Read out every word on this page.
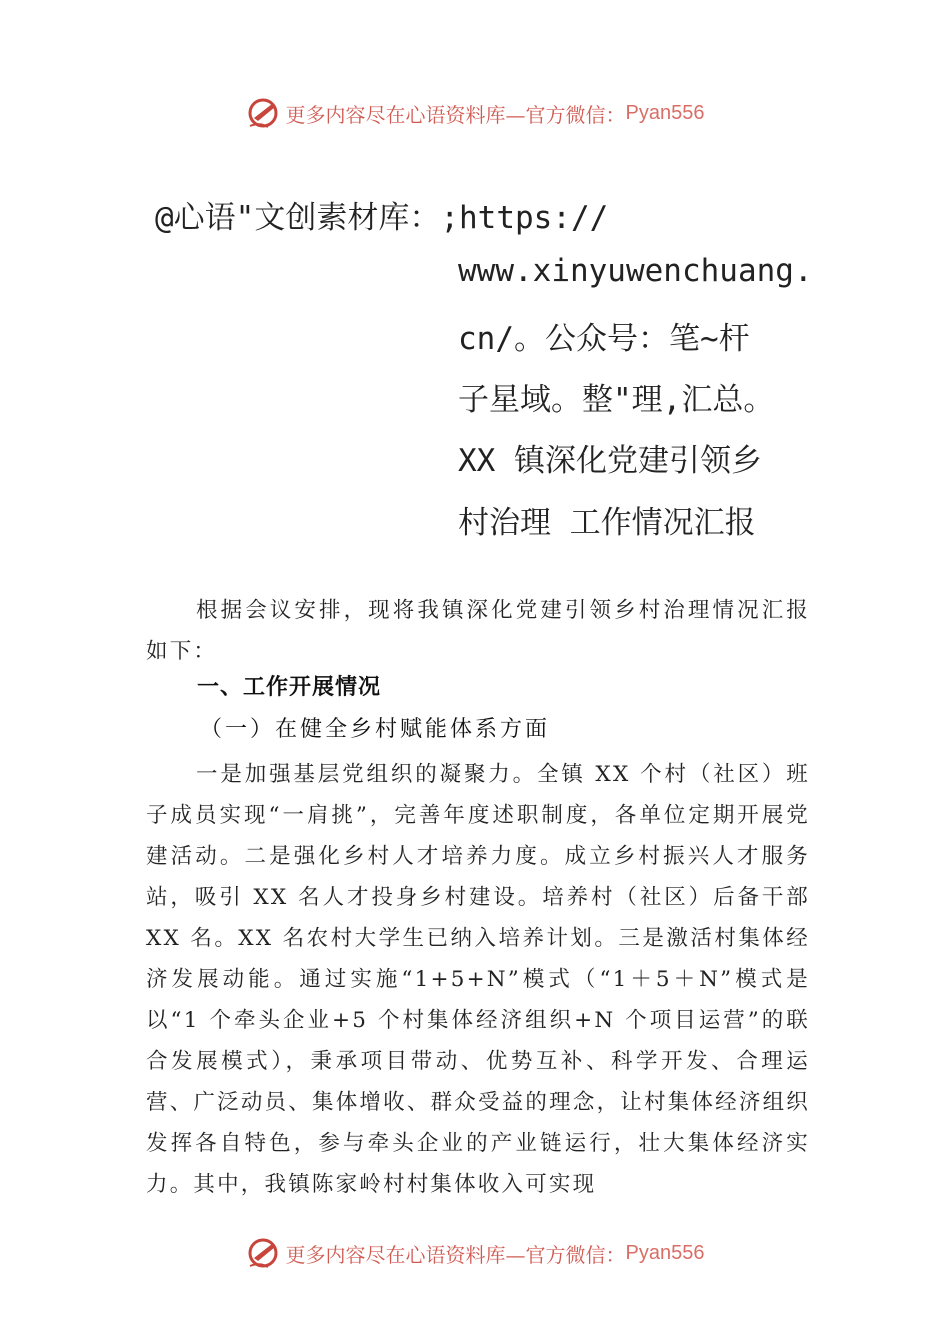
更多内容尽在心语资料库—官方微信： Pyan556
@心语"文创素材库：;https://
www.xinyuwenchuang.
cn/。公众号：笔~杆
子星域。整"理,汇总。
XX 镇深化党建引领乡
村治理 工作情况汇报

根据会议安排，现将我镇深化党建引领乡村治理情况汇报如下：

一、工作开展情况
（一）在健全乡村赋能体系方面

一是加强基层党组织的凝聚力。全镇 XX 个村（社区）班子成员实现“一肩挑”，完善年度述职制度，各单位定期开展党建活动。二是强化乡村人才培养力度。成立乡村振兴人才服务站，吸引 XX 名人才投身乡村建设。培养村（社区）后备干部 XX 名。XX 名农村大学生已纳入培养计划。三是激活村集体经济发展动能。通过实施“1+5+N”模式（“1＋5＋N”模式是以“1 个牵头企业+5 个村集体经济组织+N 个项目运营”的联合发展模式），秉承项目带动、优势互补、科学开发、合理运营、广泛动员、集体增收、群众受益的理念，让村集体经济组织发挥各自特色，参与牵头企业的产业链运行，壮大集体经济实力。其中，我镇陈家岭村村集体收入可实现

更多内容尽在心语资料库—官方微信： Pyan556
